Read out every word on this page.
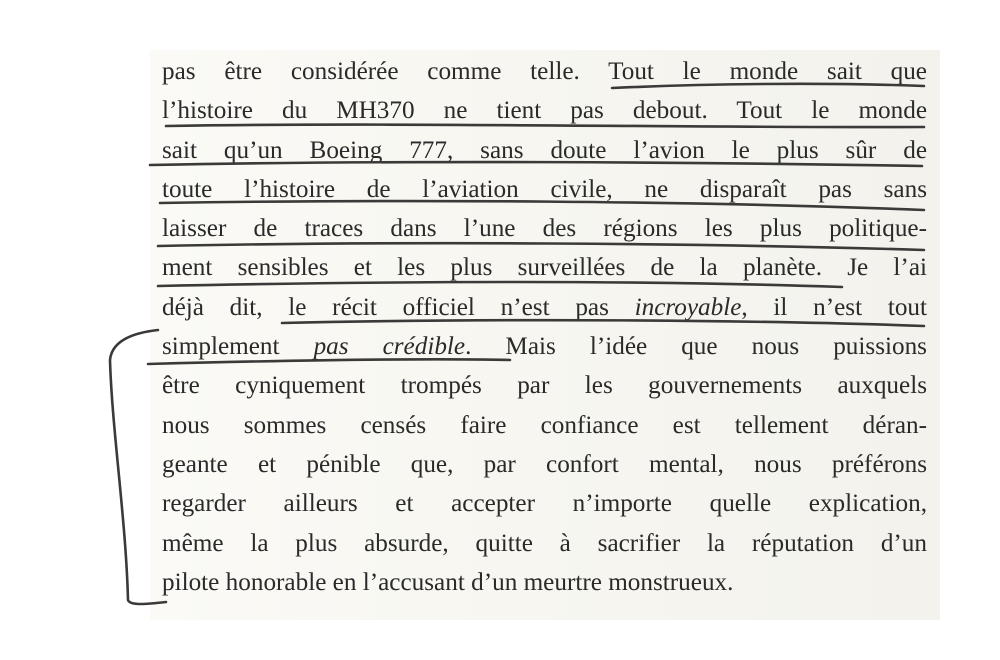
pas être considérée comme telle. Tout le monde sait que
l’histoire du MH370 ne tient pas debout. Tout le monde
sait qu’un Boeing 777, sans doute l’avion le plus sûr de
toute l’histoire de l’aviation civile, ne disparaît pas sans
laisser de traces dans l’une des régions les plus politique-
ment sensibles et les plus surveillées de la planète. Je l’ai
déjà dit, le récit officiel n’est pas incroyable, il n’est tout
simplement pas crédible. Mais l’idée que nous puissions
être cyniquement trompés par les gouvernements auxquels
nous sommes censés faire confiance est tellement déran-
geante et pénible que, par confort mental, nous préférons
regarder ailleurs et accepter n’importe quelle explication,
même la plus absurde, quitte à sacrifier la réputation d’un
pilote honorable en l’accusant d’un meurtre monstrueux.
